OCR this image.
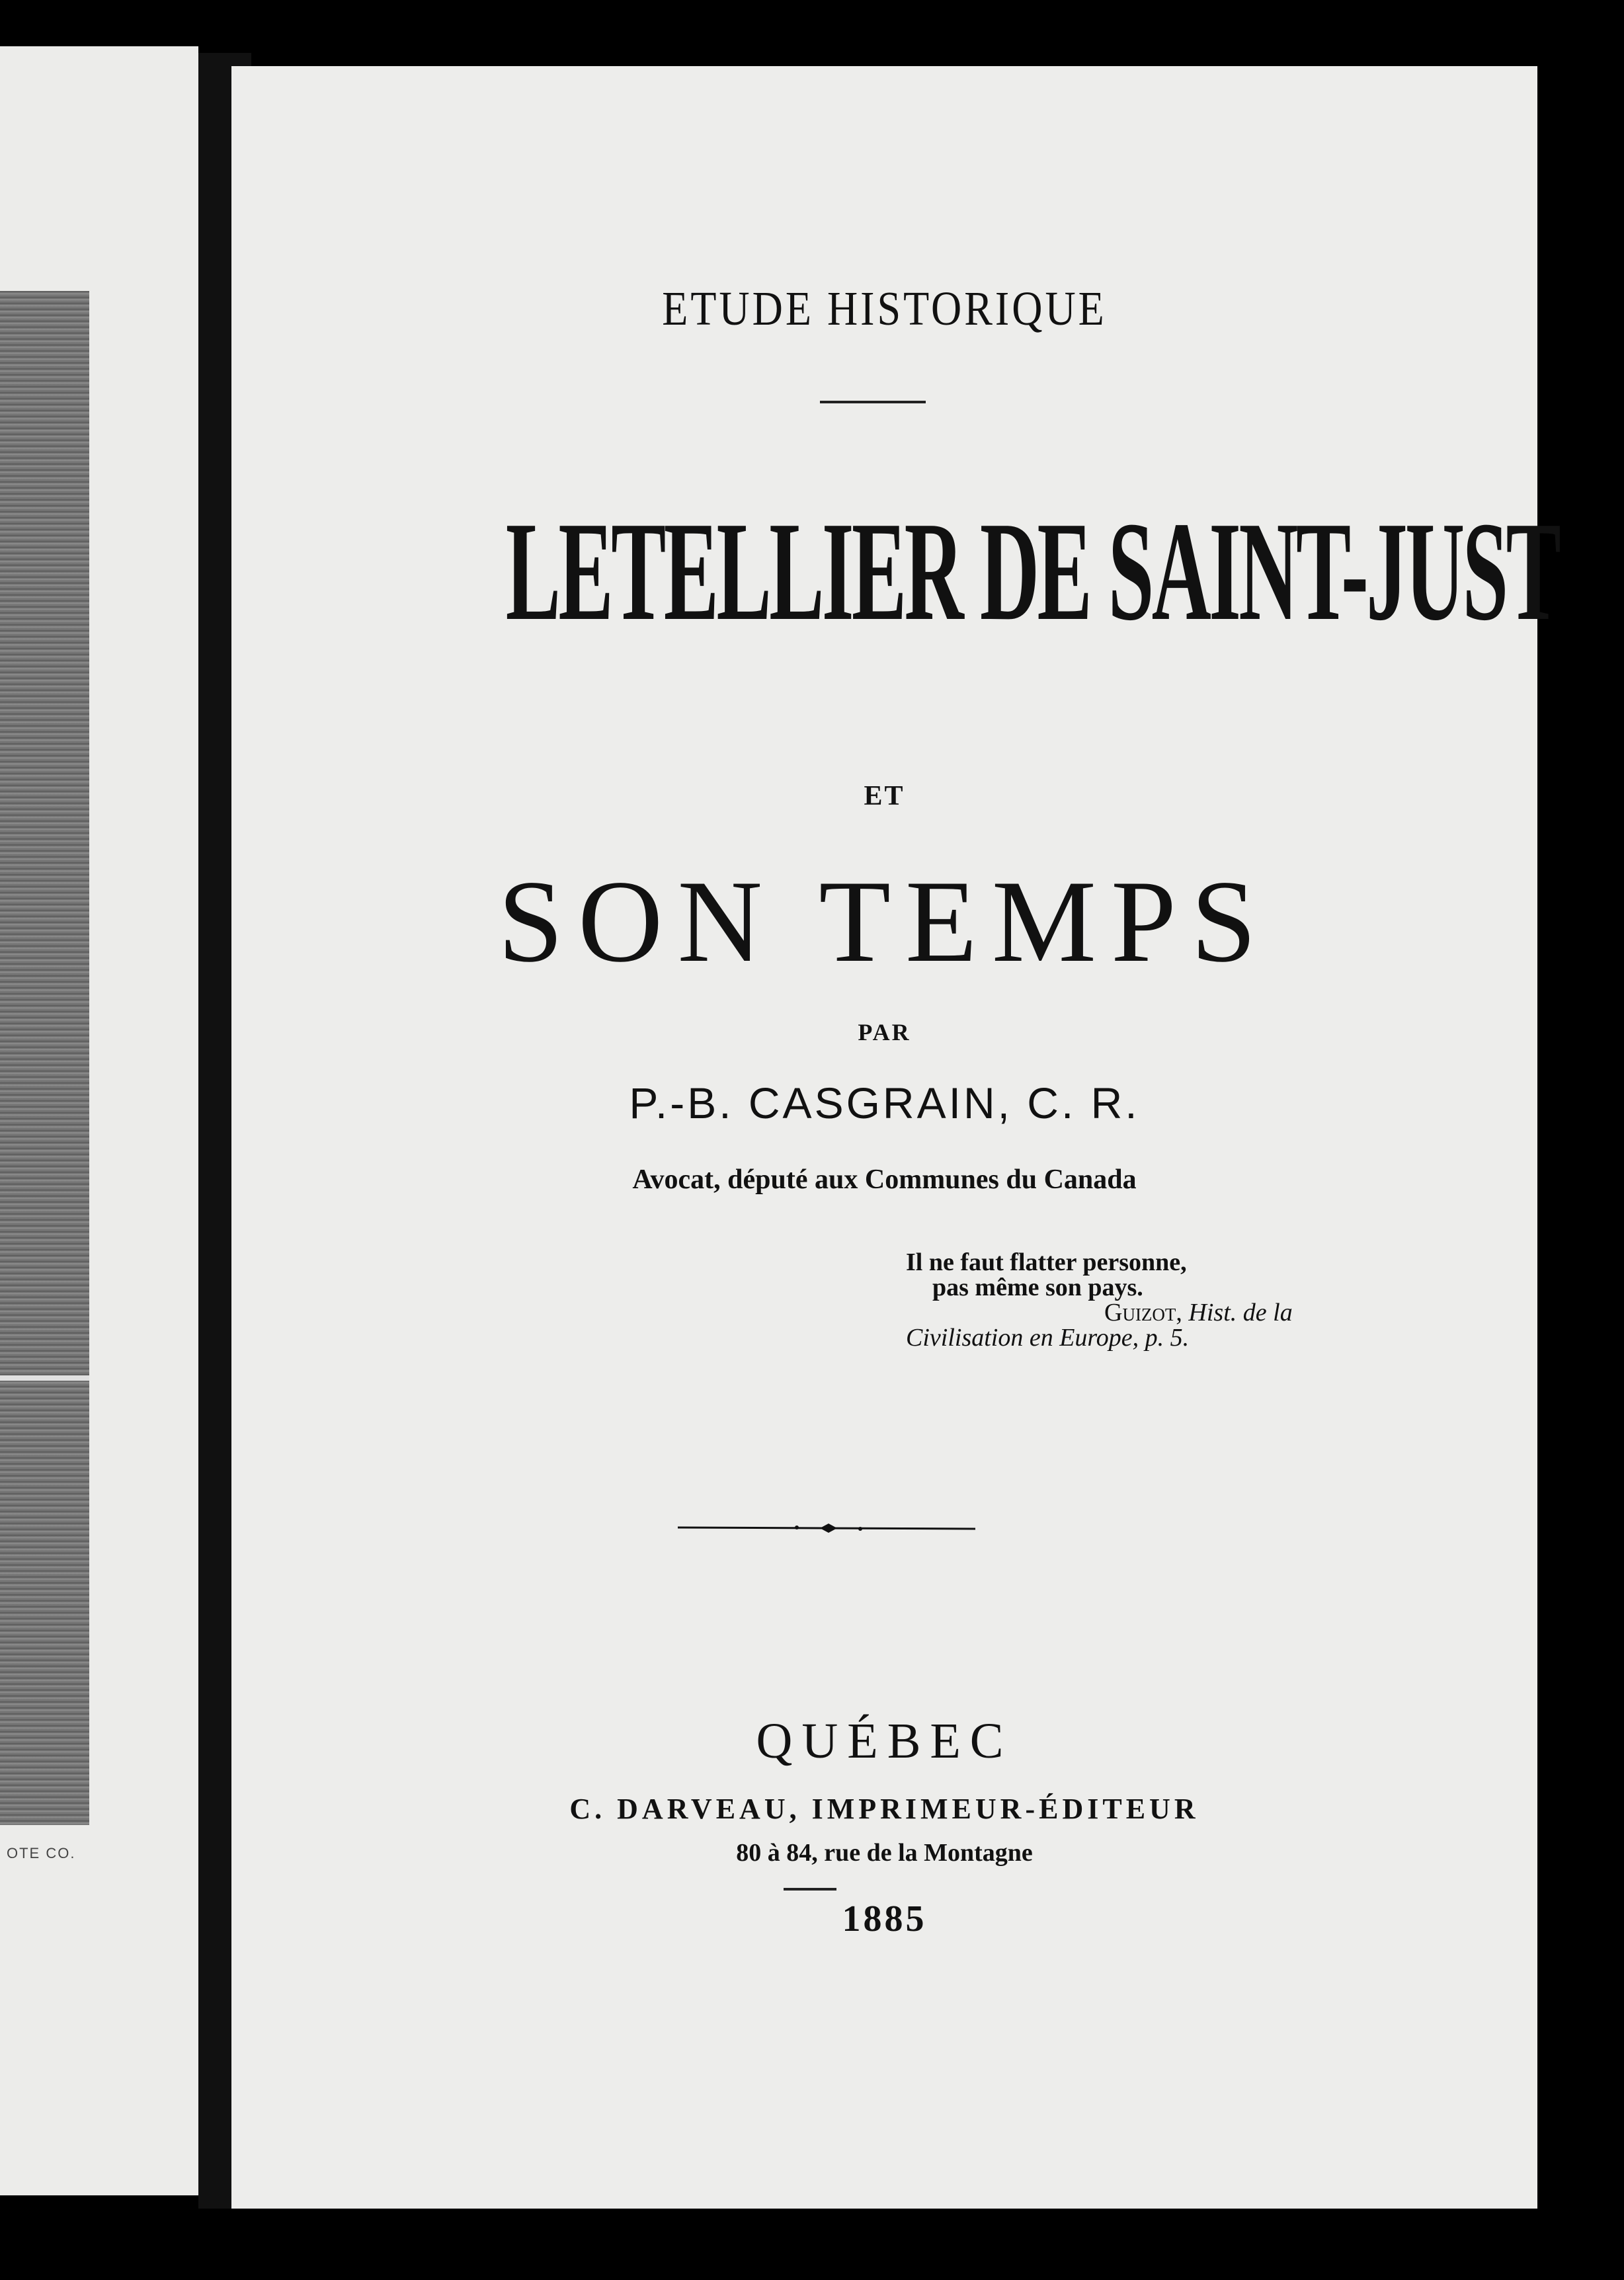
OTE CO.
ETUDE HISTORIQUE
LETELLIER DE SAINT-JUST
ET
SON TEMPS
PAR
P.-B. CASGRAIN, C. R.
Avocat, député aux Communes du Canada
Il ne faut flatter personne,
pas même son pays.
Guizot, Hist. de la
Civilisation en Europe, p. 5.
QUÉBEC
C. DARVEAU, IMPRIMEUR-ÉDITEUR
80 à 84, rue de la Montagne
1885
